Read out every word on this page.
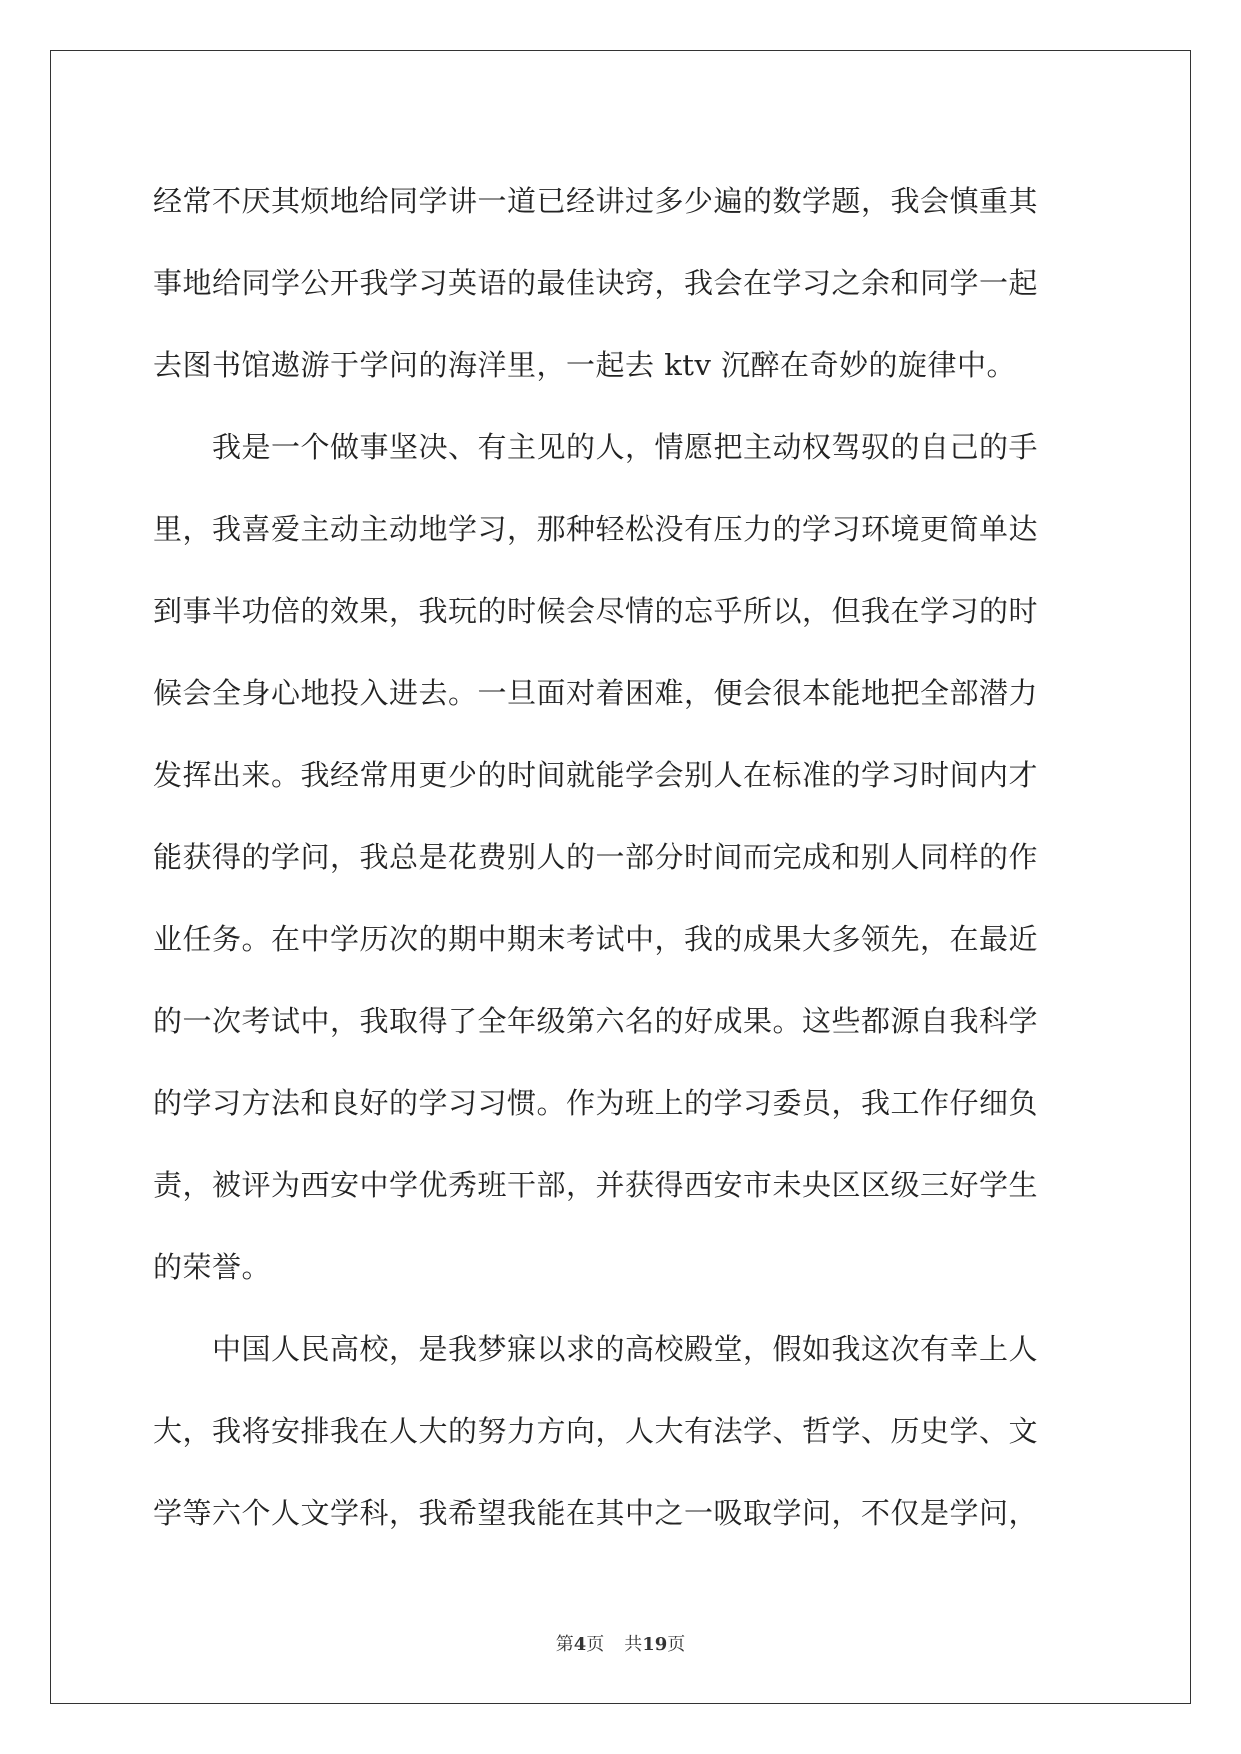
经常不厌其烦地给同学讲一道已经讲过多少遍的数学题，我会慎重其
事地给同学公开我学习英语的最佳诀窍，我会在学习之余和同学一起
去图书馆遨游于学问的海洋里，一起去 ktv 沉醉在奇妙的旋律中。
　　我是一个做事坚决、有主见的人，情愿把主动权驾驭的自己的手
里，我喜爱主动主动地学习，那种轻松没有压力的学习环境更简单达
到事半功倍的效果，我玩的时候会尽情的忘乎所以，但我在学习的时
候会全身心地投入进去。一旦面对着困难，便会很本能地把全部潜力
发挥出来。我经常用更少的时间就能学会别人在标准的学习时间内才
能获得的学问，我总是花费别人的一部分时间而完成和别人同样的作
业任务。在中学历次的期中期末考试中，我的成果大多领先，在最近
的一次考试中，我取得了全年级第六名的好成果。这些都源自我科学
的学习方法和良好的学习习惯。作为班上的学习委员，我工作仔细负
责，被评为西安中学优秀班干部，并获得西安市未央区区级三好学生
的荣誉。
　　中国人民高校，是我梦寐以求的高校殿堂，假如我这次有幸上人
大，我将安排我在人大的努力方向，人大有法学、哲学、历史学、文
学等六个人文学科，我希望我能在其中之一吸取学问，不仅是学问，
第4页 共19页
